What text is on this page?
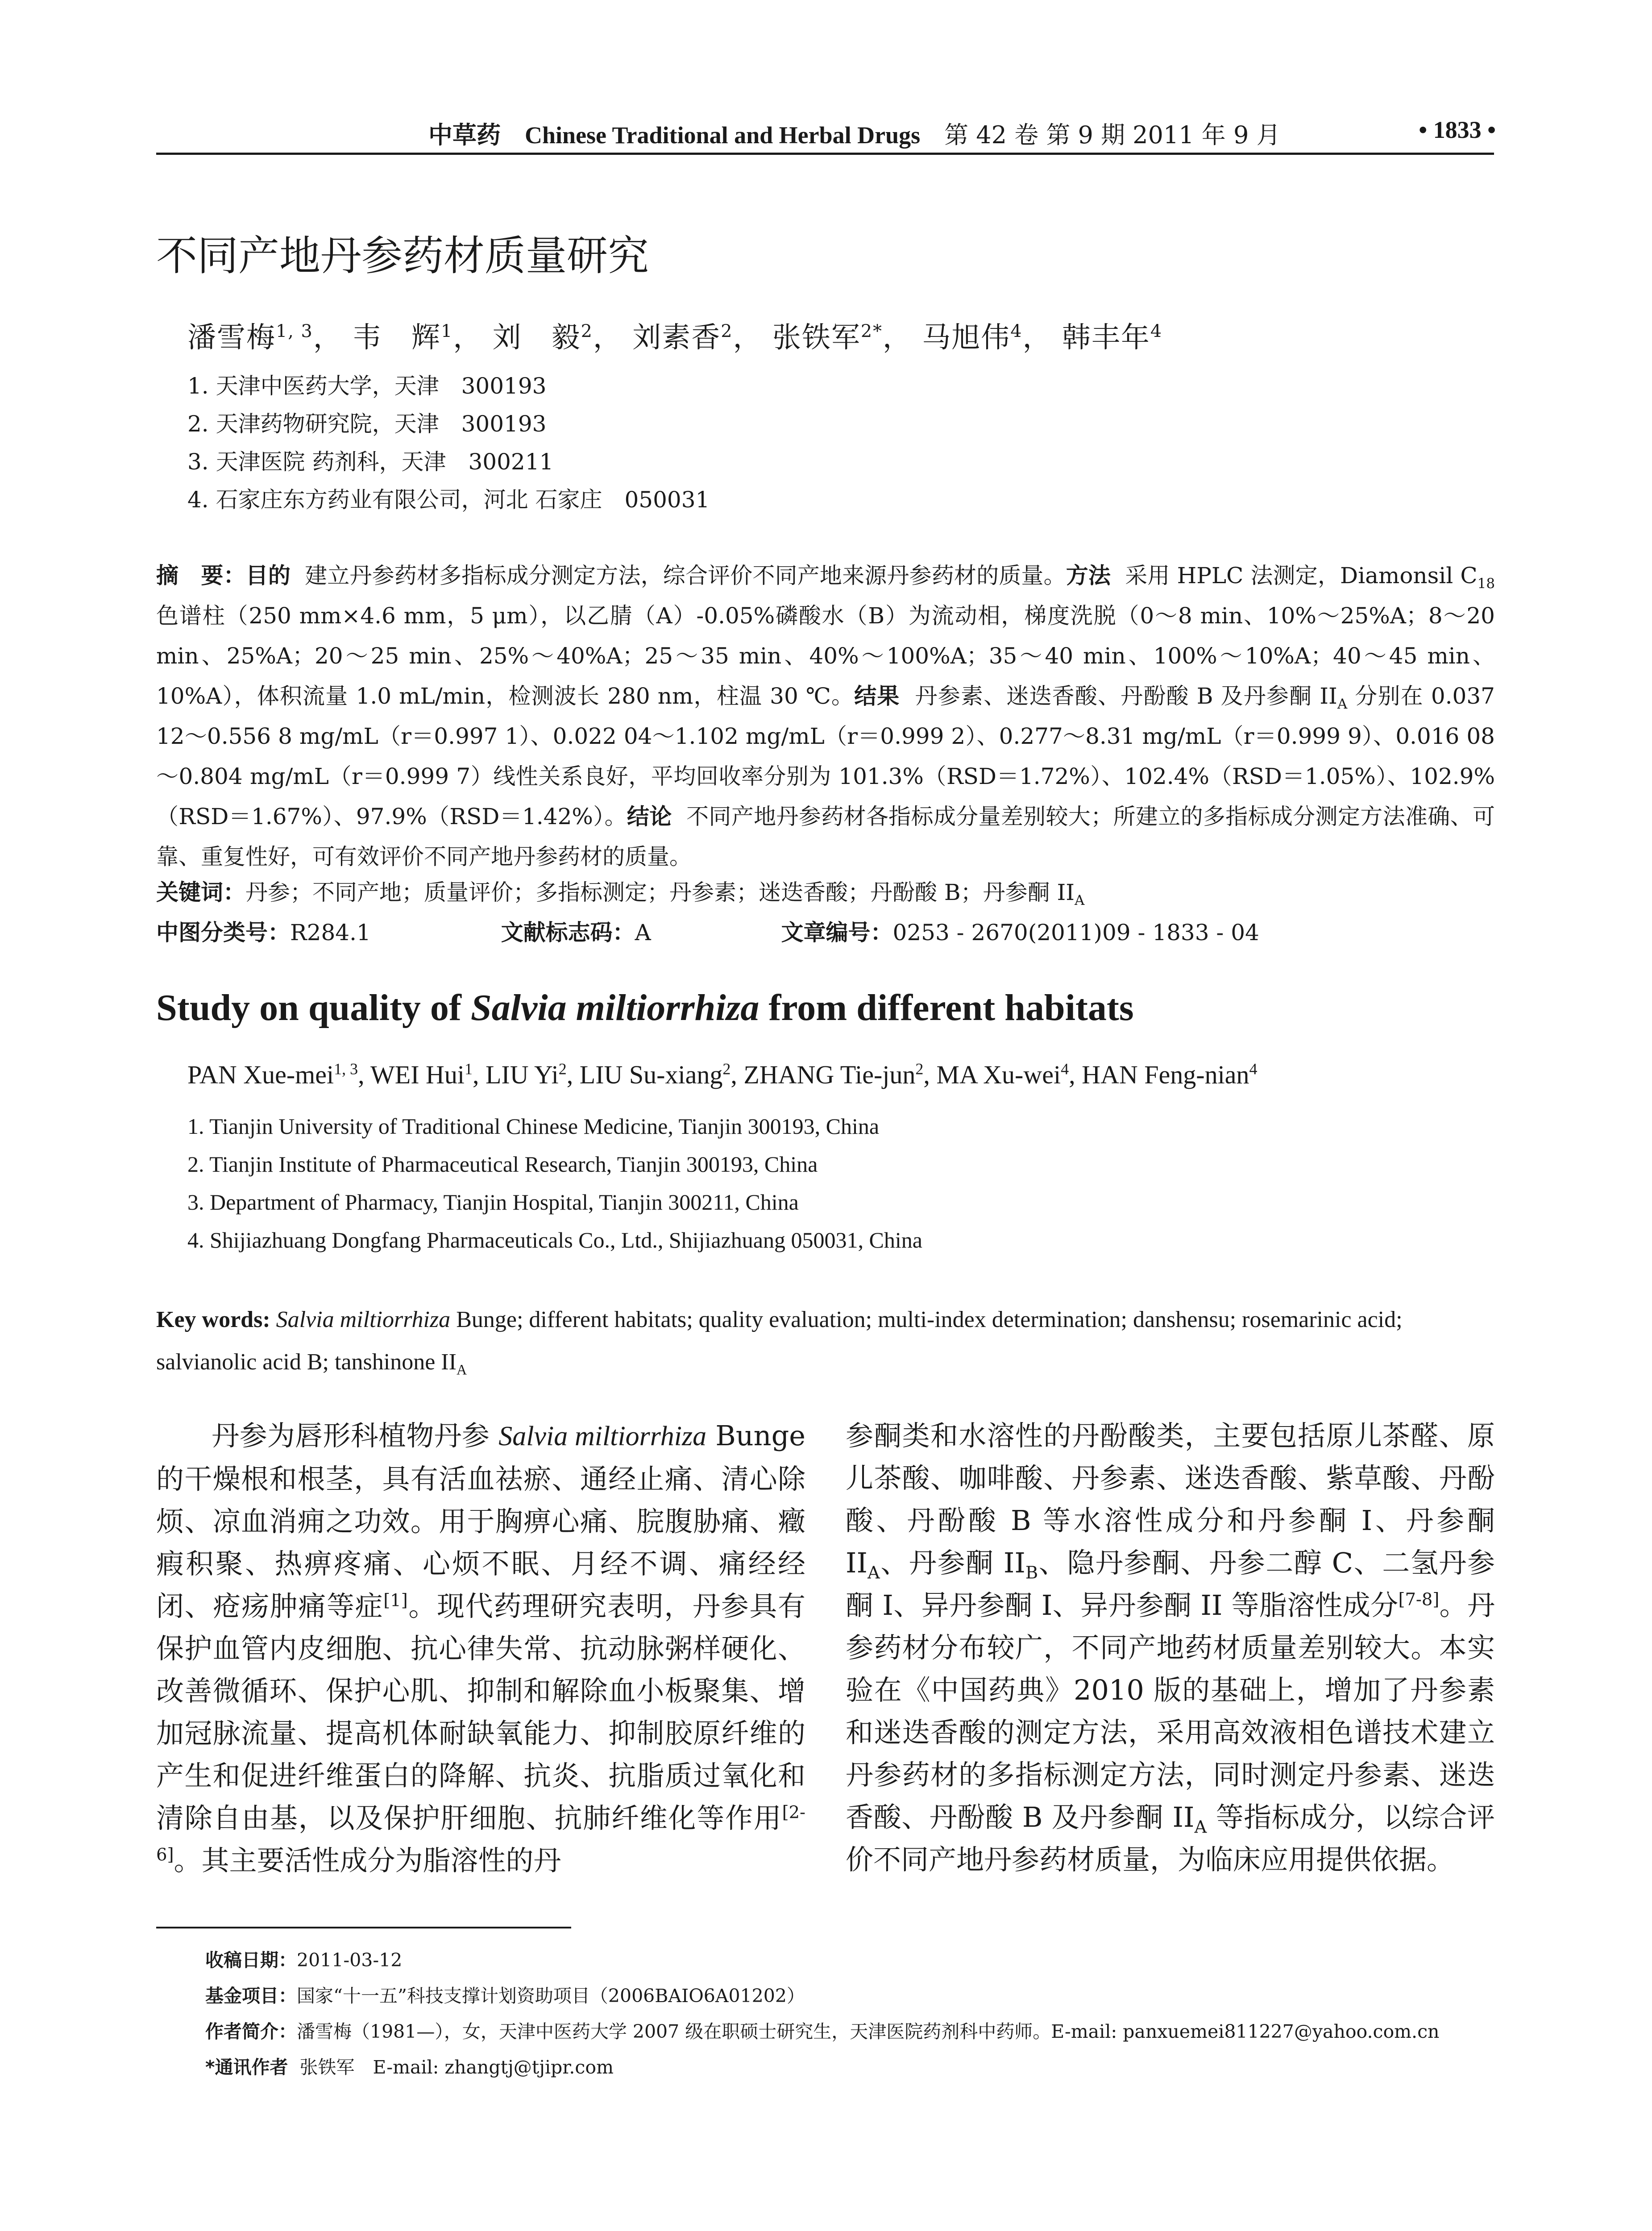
中草药 Chinese Traditional and Herbal Drugs 第 42 卷 第 9 期 2011 年 9 月	• 1833 •
不同产地丹参药材质量研究
潘雪梅$^{1, 3}$， 韦　辉$^1$， 刘　毅$^2$， 刘素香$^2$， 张铁军$^{2*}$， 马旭伟$^4$， 韩丰年$^4$
1. 天津中医药大学，天津　300193
2. 天津药物研究院，天津　300193
3. 天津医院 药剂科，天津　300211
4. 石家庄东方药业有限公司，河北 石家庄　050031
摘　要：目的 建立丹参药材多指标成分测定方法，综合评价不同产地来源丹参药材的质量。方法 采用 HPLC 法测定，Diamonsil $C_{18}$ 色谱柱（250 mm×4.6 mm，5 μm），以乙腈（A）-0.05%磷酸水（B）为流动相，梯度洗脱（0～8 min、10%～25%A；8～20 min、25%A；20～25 min、25%～40%A；25～35 min、40%～100%A；35～40 min、100%～10%A；40～45 min、10%A），体积流量 1.0 mL/min，检测波长 280 nm，柱温 30 ℃。结果 丹参素、迷迭香酸、丹酚酸 B 及丹参酮 $II_A$ 分别在 0.037 12～0.556 8 mg/mL（r＝0.997 1）、0.022 04～1.102 mg/mL（r＝0.999 2）、0.277～8.31 mg/mL（r＝0.999 9）、0.016 08～0.804 mg/mL（r＝0.999 7）线性关系良好，平均回收率分别为 101.3%（RSD＝1.72%）、102.4%（RSD＝1.05%）、102.9%（RSD＝1.67%）、97.9%（RSD＝1.42%）。结论 不同产地丹参药材各指标成分量差别较大；所建立的多指标成分测定方法准确、可靠、重复性好，可有效评价不同产地丹参药材的质量。
关键词：丹参；不同产地；质量评价；多指标测定；丹参素；迷迭香酸；丹酚酸 B；丹参酮 $II_A$
中图分类号：R284.1	文献标志码：A	文章编号：0253 - 2670(2011)09 - 1833 - 04
Study on quality of Salvia miltiorrhiza from different habitats
PAN Xue-mei$^{1, 3}$, WEI Hui$^1$, LIU Yi$^2$, LIU Su-xiang$^2$, ZHANG Tie-jun$^2$, MA Xu-wei$^4$, HAN Feng-nian$^4$
1. Tianjin University of Traditional Chinese Medicine, Tianjin 300193, China
2. Tianjin Institute of Pharmaceutical Research, Tianjin 300193, China
3. Department of Pharmacy, Tianjin Hospital, Tianjin 300211, China
4. Shijiazhuang Dongfang Pharmaceuticals Co., Ltd., Shijiazhuang 050031, China
Key words: Salvia miltiorrhiza Bunge; different habitats; quality evaluation; multi-index determination; danshensu; rosemarinic acid; salvianolic acid B; tanshinone $II_A$
丹参为唇形科植物丹参 Salvia miltiorrhiza Bunge 的干燥根和根茎，具有活血祛瘀、通经止痛、清心除烦、凉血消痈之功效。用于胸痹心痛、脘腹胁痛、癥瘕积聚、热痹疼痛、心烦不眠、月经不调、痛经经闭、疮疡肿痛等症[1]。现代药理研究表明，丹参具有保护血管内皮细胞、抗心律失常、抗动脉粥样硬化、改善微循环、保护心肌、抑制和解除血小板聚集、增加冠脉流量、提高机体耐缺氧能力、抑制胶原纤维的产生和促进纤维蛋白的降解、抗炎、抗脂质过氧化和清除自由基，以及保护肝细胞、抗肺纤维化等作用[2-6]。其主要活性成分为脂溶性的丹
参酮类和水溶性的丹酚酸类，主要包括原儿茶醛、原儿茶酸、咖啡酸、丹参素、迷迭香酸、紫草酸、丹酚酸、丹酚酸 B 等水溶性成分和丹参酮 I、丹参酮 $II_A$、丹参酮 $II_B$、隐丹参酮、丹参二醇 C、二氢丹参酮 I、异丹参酮 I、异丹参酮 II 等脂溶性成分[7-8]。丹参药材分布较广，不同产地药材质量差别较大。本实验在《中国药典》2010 版的基础上，增加了丹参素和迷迭香酸的测定方法，采用高效液相色谱技术建立丹参药材的多指标测定方法，同时测定丹参素、迷迭香酸、丹酚酸 B 及丹参酮 $II_A$ 等指标成分，以综合评价不同产地丹参药材质量，为临床应用提供依据。
收稿日期：2011-03-12
基金项目：国家“十一五”科技支撑计划资助项目（2006BAIO6A01202）
作者简介：潘雪梅（1981—），女，天津中医药大学 2007 级在职硕士研究生，天津医院药剂科中药师。E-mail: panxuemei811227@yahoo.com.cn
*通讯作者 张铁军　E-mail: zhangtj@tjipr.com
